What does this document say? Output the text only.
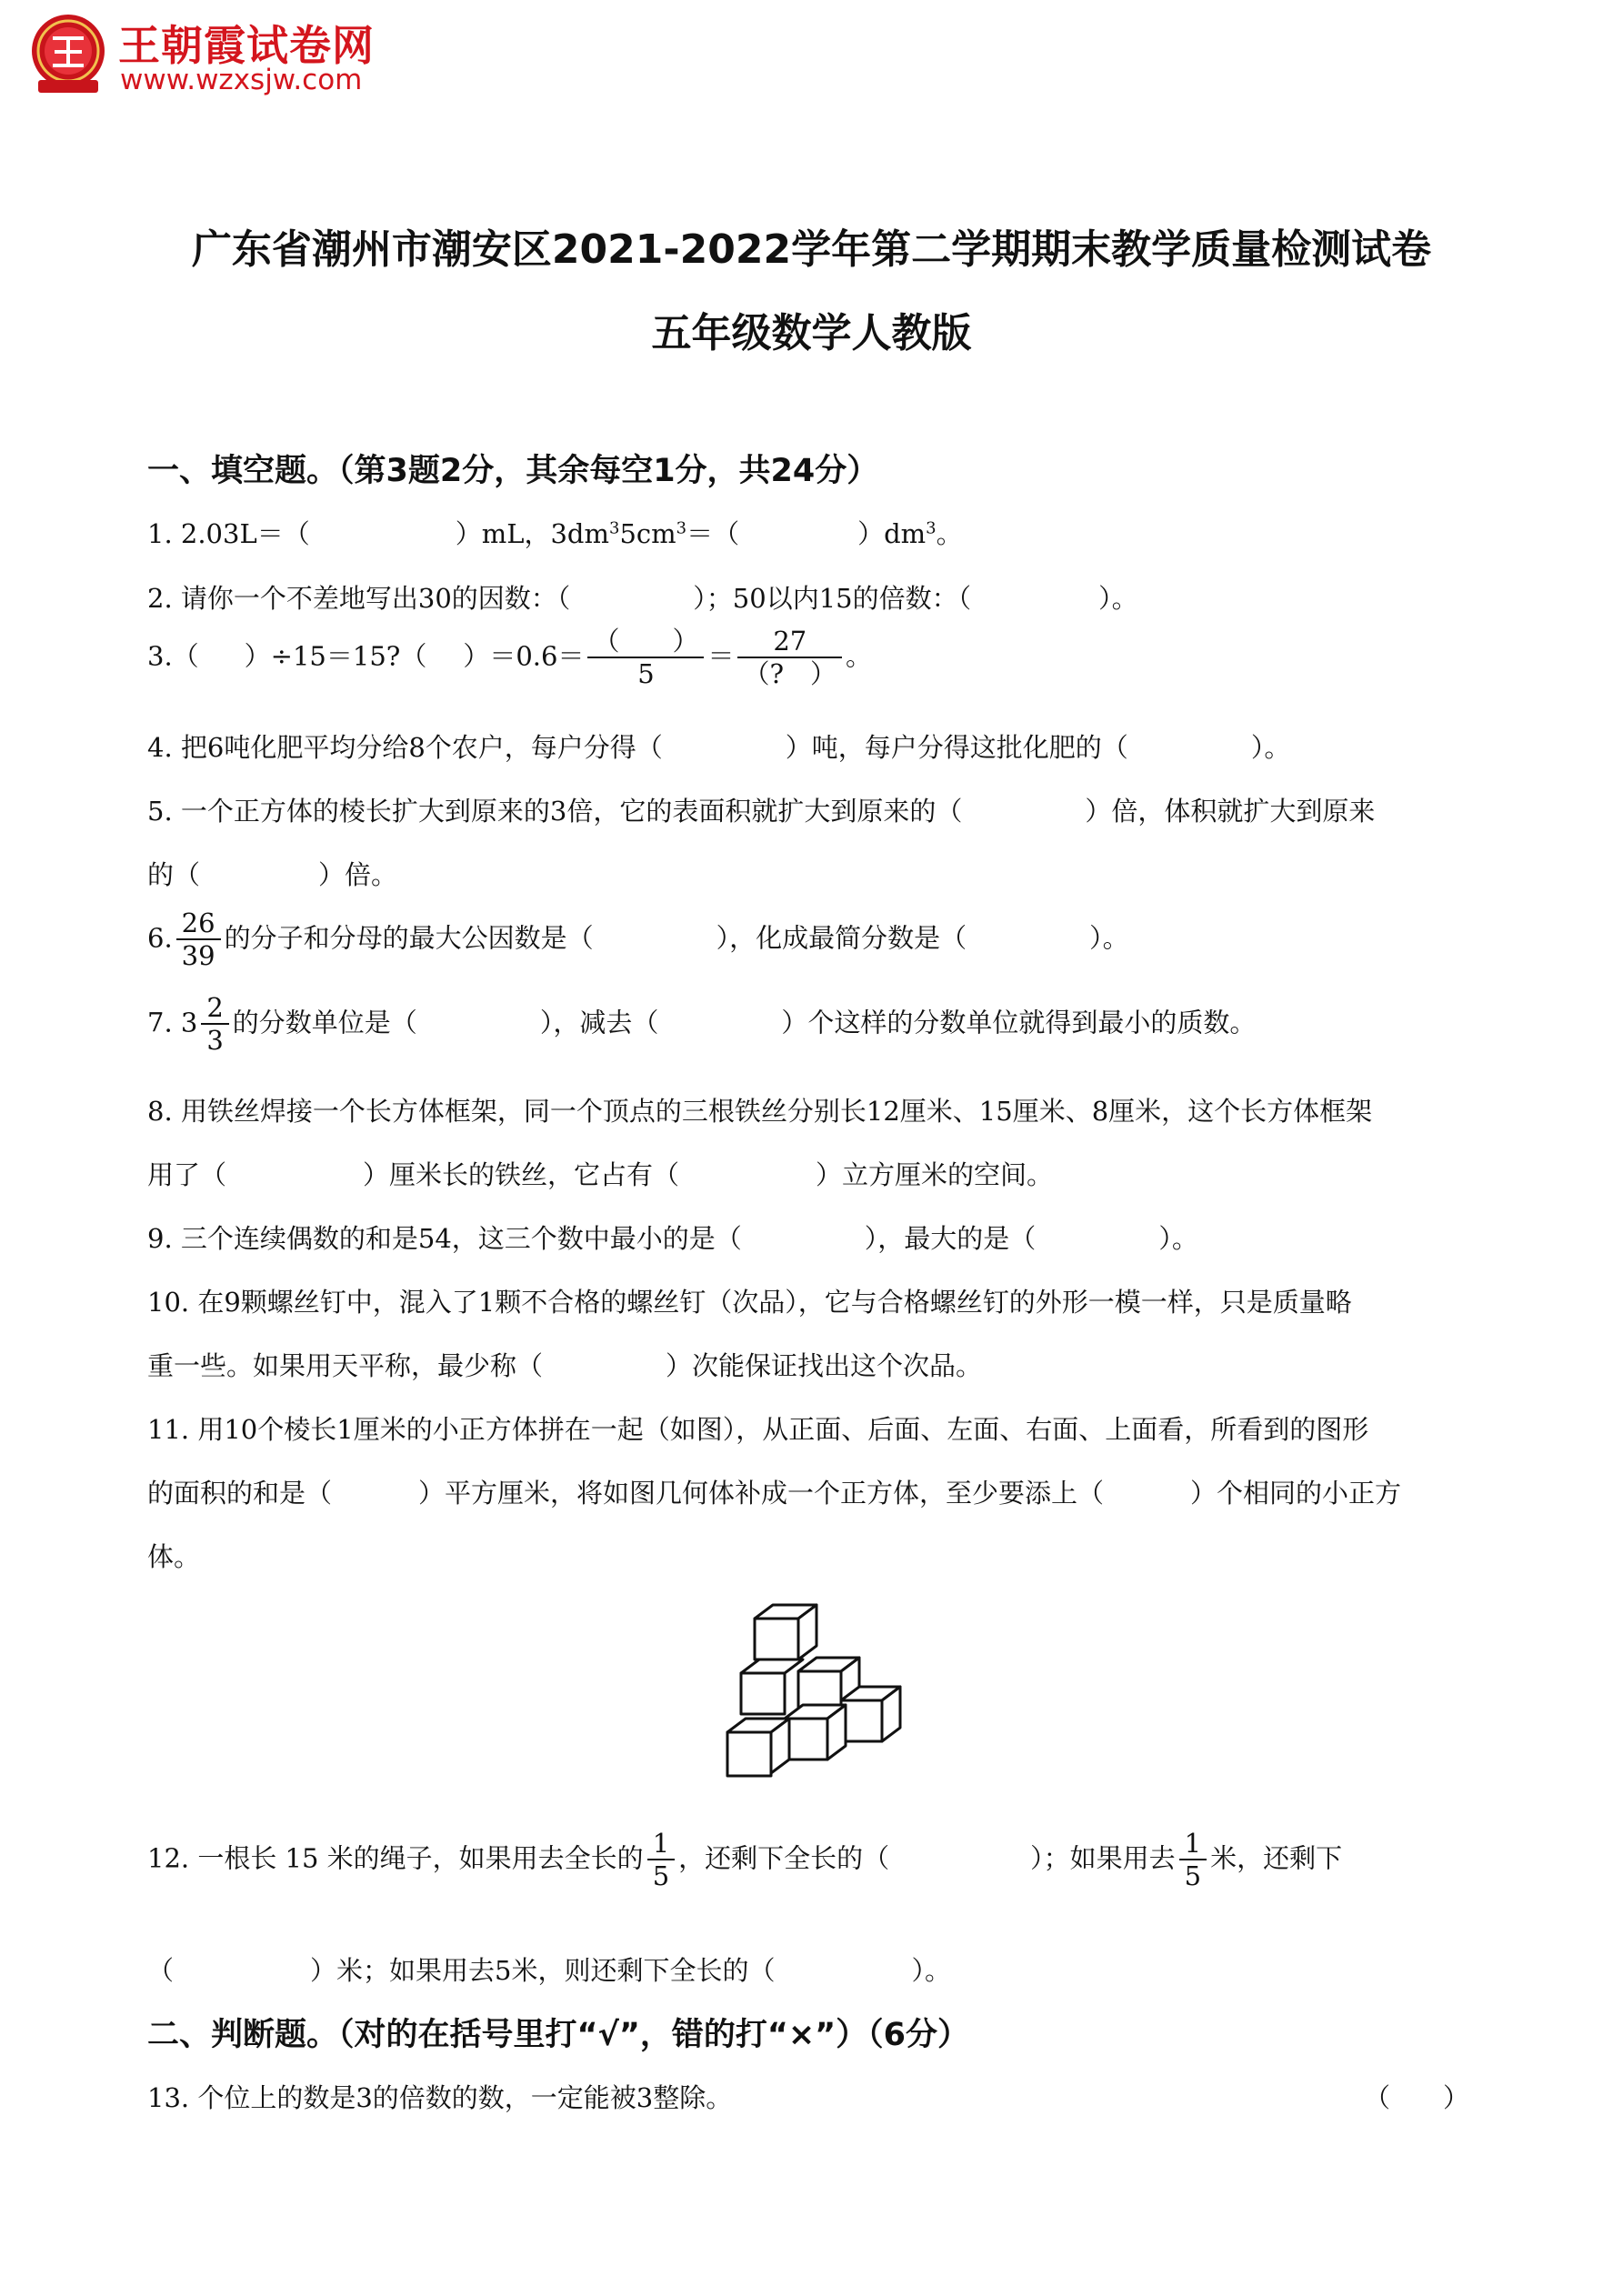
王朝霞试卷网
www.wzxsjw.com
广东省潮州市潮安区2021-2022学年第二学期期末教学质量检测试卷
五年级数学人教版
一、填空题。（第3题2分，其余每空1分，共24分）
1. 2.03L＝（	）mL，$3dm^35cm^3=$（	）$dm^3$。
2. 请你一个不差地写出30的因数：（	）；50以内15的倍数：（	）。
3.（ ）÷15＝15?（ ）$=0.6= \frac{( )}{5} = \frac{27}{(? )}$ 。
4. 把6吨化肥平均分给8个农户，每户分得（	）吨，每户分得这批化肥的（	）。
5. 一个正方体的棱长扩大到原来的3倍，它的表面积就扩大到原来的（	）倍，体积就扩大到原来
的（	）倍。
6. $\frac{26}{39}$ 的分子和分母的最大公因数是（	），化成最简分数是（	）。
7. $3 \frac{2}{3}$ 的分数单位是（	），减去（	）个这样的分数单位就得到最小的质数。
8. 用铁丝焊接一个长方体框架，同一个顶点的三根铁丝分别长12厘米、15厘米、8厘米，这个长方体框架
用了（	）厘米长的铁丝，它占有（	）立方厘米的空间。
9. 三个连续偶数的和是54，这三个数中最小的是（	），最大的是（	）。
10. 在9颗螺丝钉中，混入了1颗不合格的螺丝钉（次品），它与合格螺丝钉的外形一模一样，只是质量略
重一些。如果用天平称，最少称（	）次能保证找出这个次品。
11. 用10个棱长1厘米的小正方体拼在一起（如图），从正面、后面、左面、右面、上面看，所看到的图形
的面积的和是（	）平方厘米，将如图几何体补成一个正方体，至少要添上（	）个相同的小正方
体。
12. 一根长 15 米的绳子，如果用去全长的 $\frac{1}{5}$ ，还剩下全长的（	）；如果用去 $\frac{1}{5}$ 米，还剩下
（	）米；如果用去5米，则还剩下全长的（	）。
二、判断题。（对的在括号里打“√”，错的打“×”）（6分）
13. 个位上的数是3的倍数的数，一定能被3整除。	（　　）
